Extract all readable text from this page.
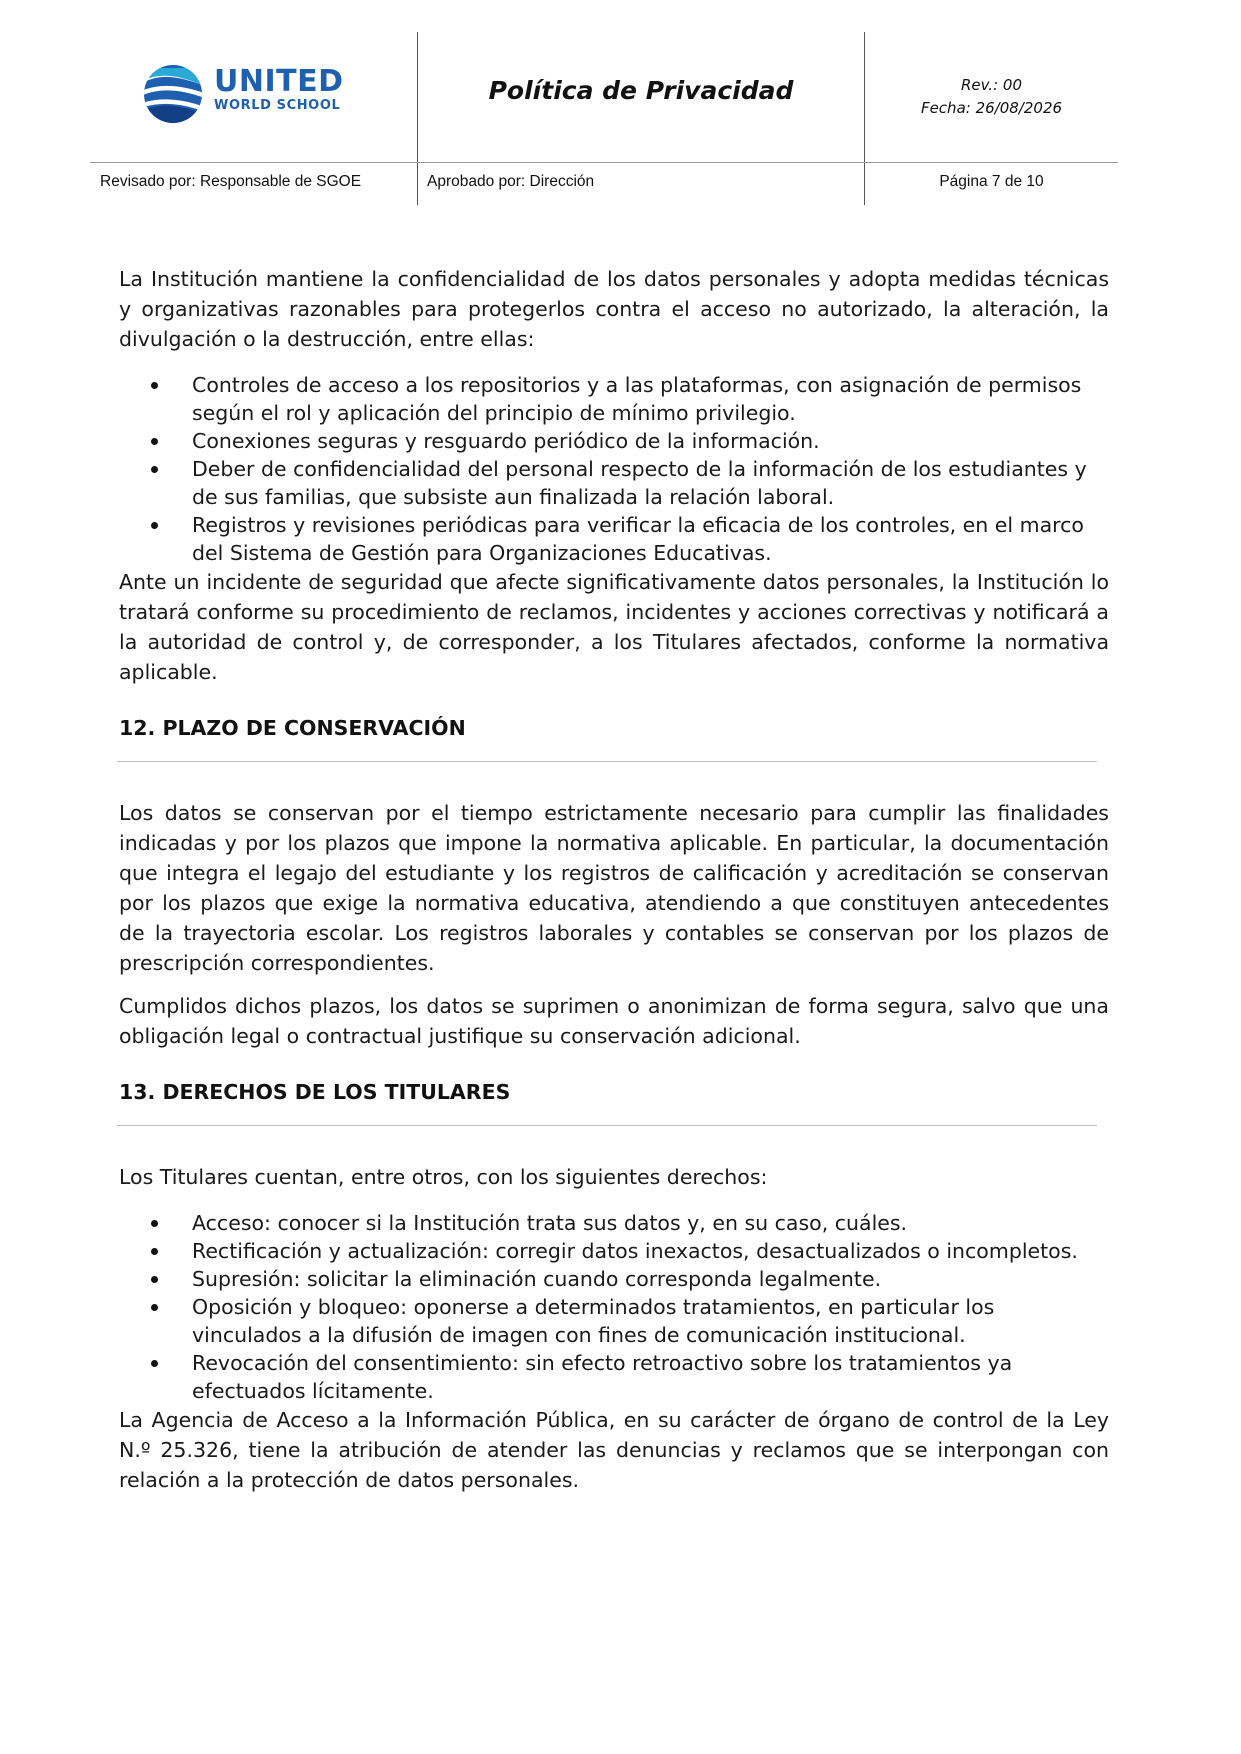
UNITED
WORLD SCHOOL
Política de Privacidad	Rev.: 00
Fecha: 26/08/2026
Revisado por: Responsable de SGOE	Aprobado por: Dirección	Página 7 de 10

La Institución mantiene la confidencialidad de los datos personales y adopta medidas técnicas y organizativas razonables para protegerlos contra el acceso no autorizado, la alteración, la divulgación o la destrucción, entre ellas:

Controles de acceso a los repositorios y a las plataformas, con asignación de permisos según el rol y aplicación del principio de mínimo privilegio.
Conexiones seguras y resguardo periódico de la información.
Deber de confidencialidad del personal respecto de la información de los estudiantes y de sus familias, que subsiste aun finalizada la relación laboral.
Registros y revisiones periódicas para verificar la eficacia de los controles, en el marco del Sistema de Gestión para Organizaciones Educativas.

Ante un incidente de seguridad que afecte significativamente datos personales, la Institución lo tratará conforme su procedimiento de reclamos, incidentes y acciones correctivas y notificará a la autoridad de control y, de corresponder, a los Titulares afectados, conforme la normativa aplicable.

12. PLAZO DE CONSERVACIÓN

Los datos se conservan por el tiempo estrictamente necesario para cumplir las finalidades indicadas y por los plazos que impone la normativa aplicable. En particular, la documentación que integra el legajo del estudiante y los registros de calificación y acreditación se conservan por los plazos que exige la normativa educativa, atendiendo a que constituyen antecedentes de la trayectoria escolar. Los registros laborales y contables se conservan por los plazos de prescripción correspondientes.

Cumplidos dichos plazos, los datos se suprimen o anonimizan de forma segura, salvo que una obligación legal o contractual justifique su conservación adicional.

13. DERECHOS DE LOS TITULARES

Los Titulares cuentan, entre otros, con los siguientes derechos:

Acceso: conocer si la Institución trata sus datos y, en su caso, cuáles.
Rectificación y actualización: corregir datos inexactos, desactualizados o incompletos.
Supresión: solicitar la eliminación cuando corresponda legalmente.
Oposición y bloqueo: oponerse a determinados tratamientos, en particular los vinculados a la difusión de imagen con fines de comunicación institucional.
Revocación del consentimiento: sin efecto retroactivo sobre los tratamientos ya efectuados lícitamente.

La Agencia de Acceso a la Información Pública, en su carácter de órgano de control de la Ley N.º 25.326, tiene la atribución de atender las denuncias y reclamos que se interpongan con relación a la protección de datos personales.
